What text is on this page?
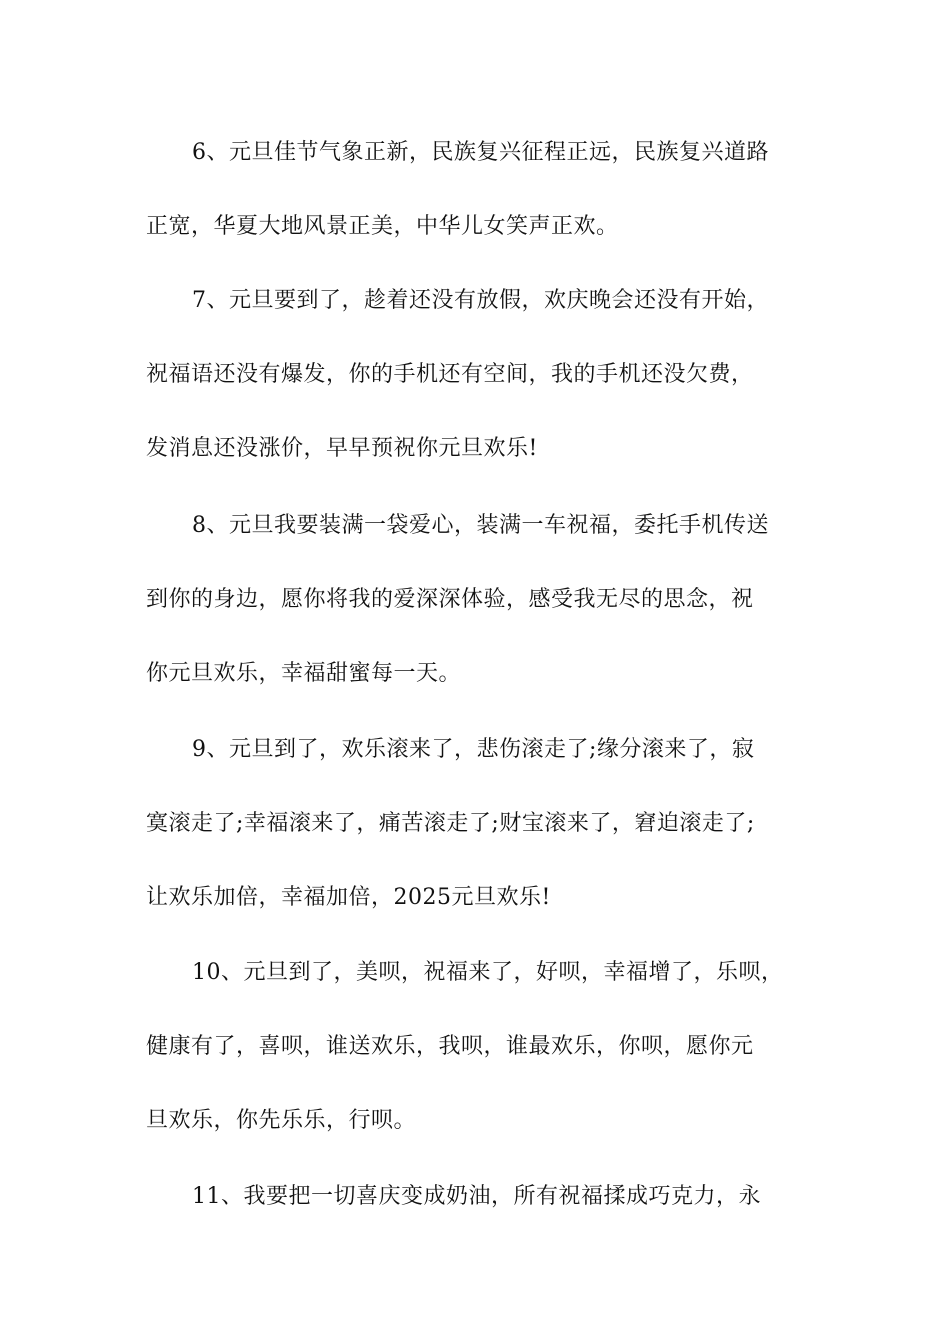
6、元旦佳节气象正新，民族复兴征程正远，民族复兴道路
正宽，华夏大地风景正美，中华儿女笑声正欢。
7、元旦要到了，趁着还没有放假，欢庆晚会还没有开始，
祝福语还没有爆发，你的手机还有空间，我的手机还没欠费，
发消息还没涨价，早早预祝你元旦欢乐!
8、元旦我要装满一袋爱心，装满一车祝福，委托手机传送
到你的身边，愿你将我的爱深深体验，感受我无尽的思念，祝
你元旦欢乐，幸福甜蜜每一天。
9、元旦到了，欢乐滚来了，悲伤滚走了;缘分滚来了，寂
寞滚走了;幸福滚来了，痛苦滚走了;财宝滚来了，窘迫滚走了;
让欢乐加倍，幸福加倍，2025元旦欢乐!
10、元旦到了，美呗，祝福来了，好呗，幸福增了，乐呗，
健康有了，喜呗，谁送欢乐，我呗，谁最欢乐，你呗，愿你元
旦欢乐，你先乐乐，行呗。
11、我要把一切喜庆变成奶油，所有祝福揉成巧克力，永
